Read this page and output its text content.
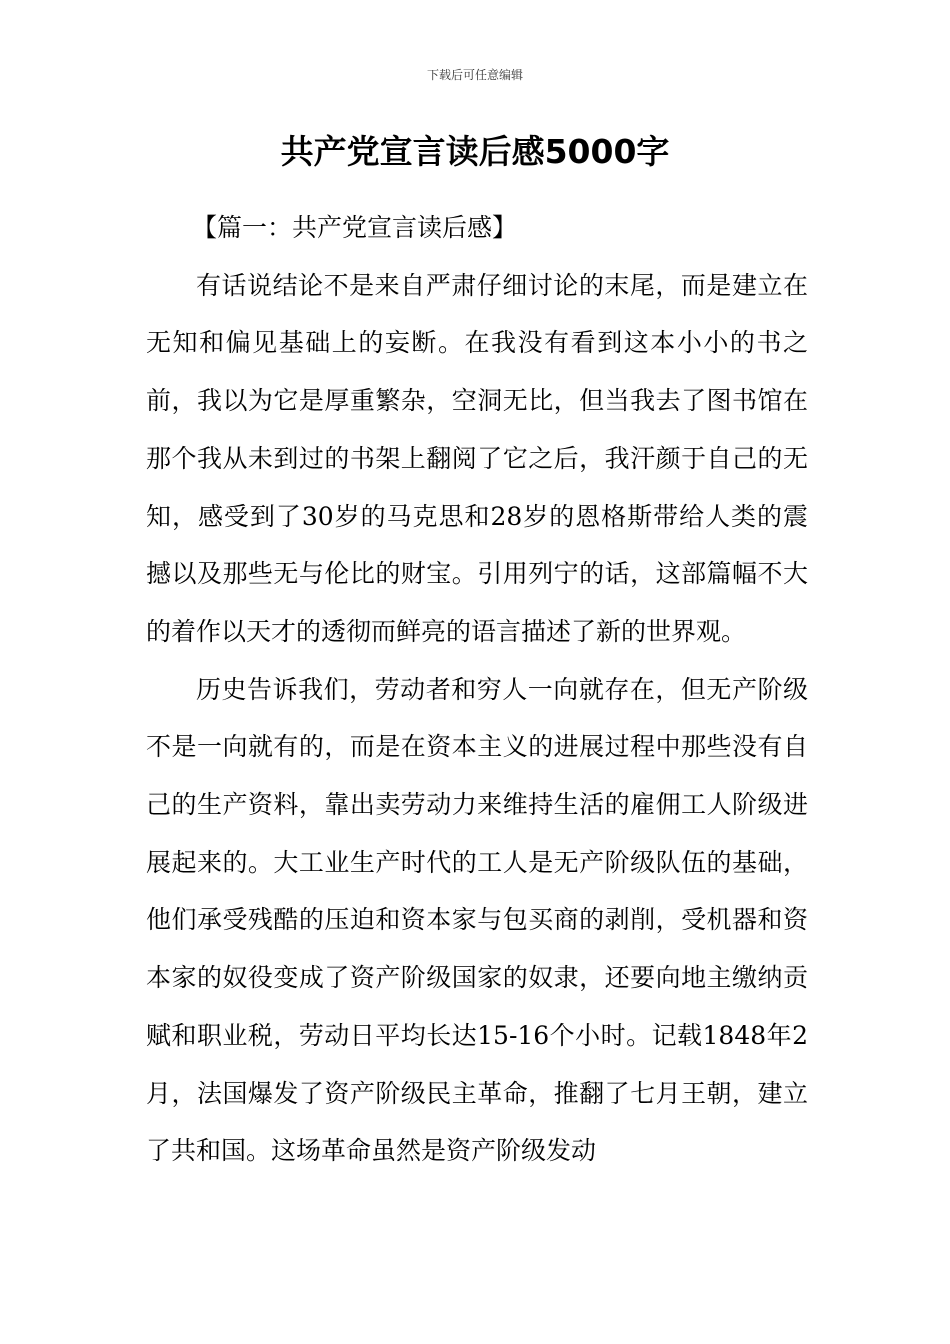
下载后可任意编辑
共产党宣言读后感5000字

【篇一：共产党宣言读后感】

有话说结论不是来自严肃仔细讨论的末尾，而是建立在无知和偏见基础上的妄断。在我没有看到这本小小的书之前，我以为它是厚重繁杂，空洞无比，但当我去了图书馆在那个我从未到过的书架上翻阅了它之后，我汗颜于自己的无知，感受到了30岁的马克思和28岁的恩格斯带给人类的震撼以及那些无与伦比的财宝。引用列宁的话，这部篇幅不大的着作以天才的透彻而鲜亮的语言描述了新的世界观。

历史告诉我们，劳动者和穷人一向就存在，但无产阶级不是一向就有的，而是在资本主义的进展过程中那些没有自己的生产资料，靠出卖劳动力来维持生活的雇佣工人阶级进展起来的。大工业生产时代的工人是无产阶级队伍的基础，他们承受残酷的压迫和资本家与包买商的剥削，受机器和资本家的奴役变成了资产阶级国家的奴隶，还要向地主缴纳贡赋和职业税，劳动日平均长达15-16个小时。记载1848年2月，法国爆发了资产阶级民主革命，推翻了七月王朝，建立了共和国。这场革命虽然是资产阶级发动
